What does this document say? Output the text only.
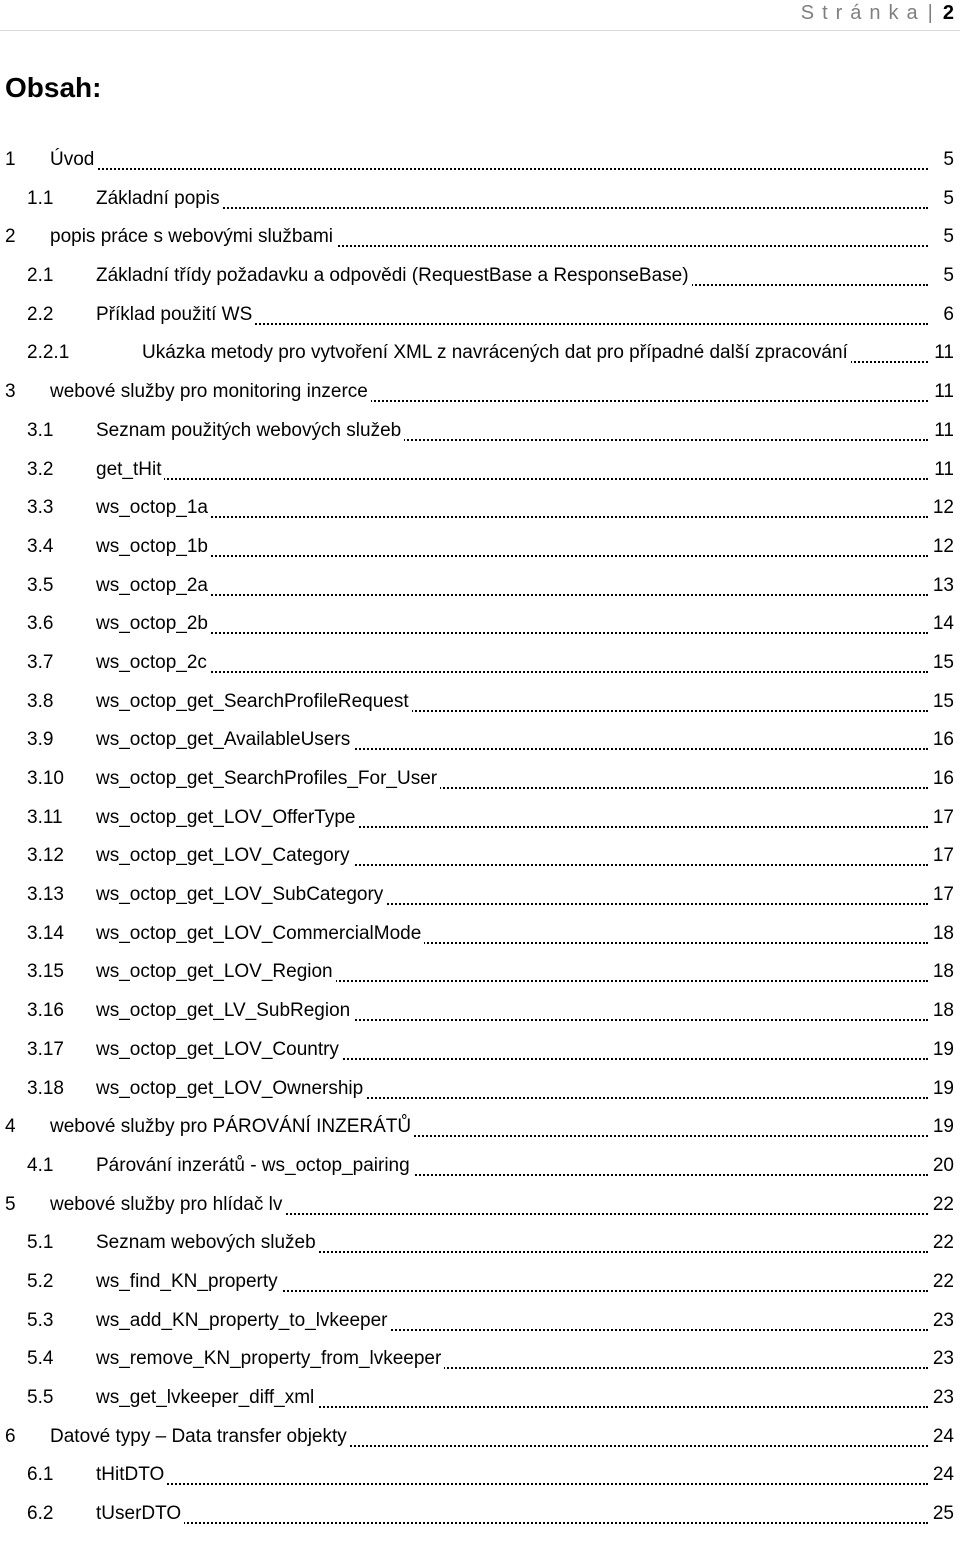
Stránka | 2
Obsah:
1 Úvod	5
1.1 Základní popis	5
2 popis práce s webovými službami	5
2.1 Základní třídy požadavku a odpovědi (RequestBase a ResponseBase)	5
2.2 Příklad použití WS	6
2.2.1	Ukázka metody pro vytvoření XML z navrácených dat pro případné další zpracování	11
3 webové služby pro monitoring inzerce	11
3.1 Seznam použitých webových služeb	11
3.2 get_tHit	11
3.3 ws_octop_1a	12
3.4 ws_octop_1b	12
3.5 ws_octop_2a	13
3.6 ws_octop_2b	14
3.7 ws_octop_2c	15
3.8 ws_octop_get_SearchProfileRequest	15
3.9 ws_octop_get_AvailableUsers	16
3.10 ws_octop_get_SearchProfiles_For_User	16
3.11 ws_octop_get_LOV_OfferType	17
3.12 ws_octop_get_LOV_Category	17
3.13 ws_octop_get_LOV_SubCategory	17
3.14 ws_octop_get_LOV_CommercialMode	18
3.15 ws_octop_get_LOV_Region	18
3.16 ws_octop_get_LV_SubRegion	18
3.17 ws_octop_get_LOV_Country	19
3.18 ws_octop_get_LOV_Ownership	19
4 webové služby pro PÁROVÁNÍ INZERÁTŮ	19
4.1 Párování inzerátů - ws_octop_pairing	20
5 webové služby pro hlídač lv	22
5.1 Seznam webových služeb	22
5.2 ws_find_KN_property	22
5.3 ws_add_KN_property_to_lvkeeper	23
5.4 ws_remove_KN_property_from_lvkeeper	23
5.5 ws_get_lvkeeper_diff_xml	23
6 Datové typy – Data transfer objekty	24
6.1 tHitDTO	24
6.2 tUserDTO	25
